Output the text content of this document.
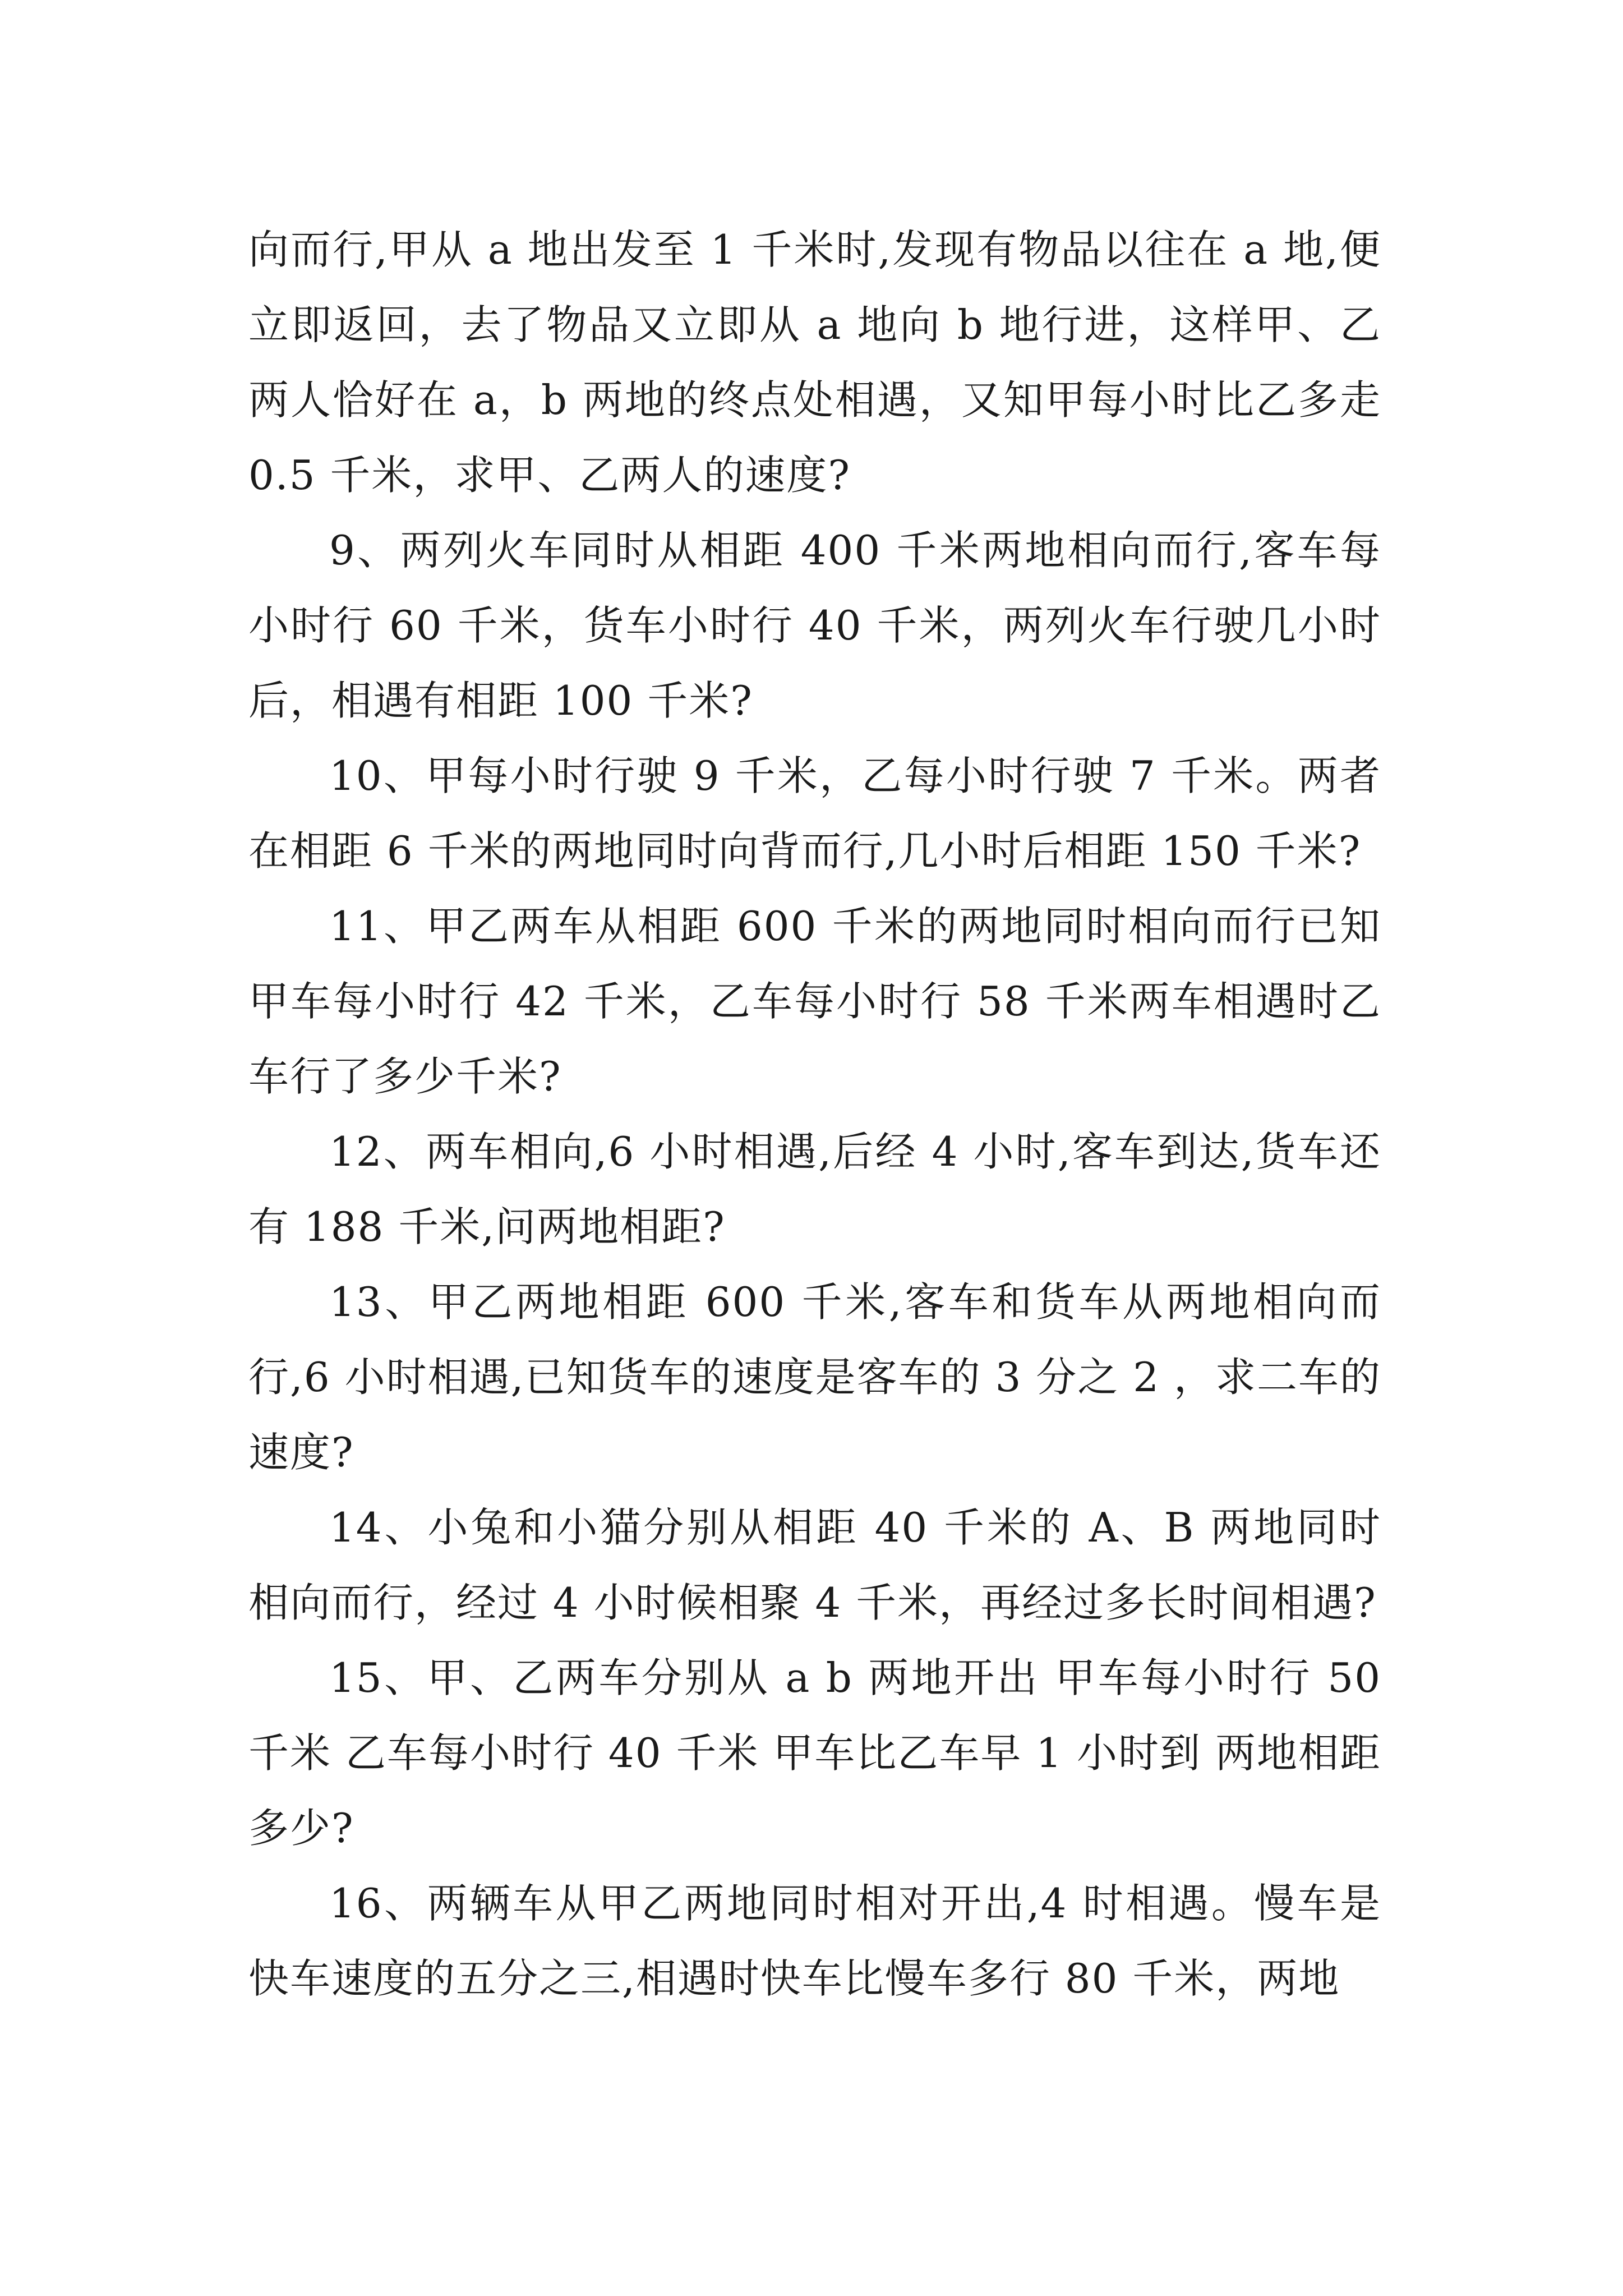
向而行,甲从 a 地出发至 1 千米时,发现有物品以往在 a 地,便立即返回，去了物品又立即从 a 地向 b 地行进，这样甲、乙两人恰好在 a，b 两地的终点处相遇，又知甲每小时比乙多走 0.5 千米，求甲、乙两人的速度?

9、两列火车同时从相距 400 千米两地相向而行,客车每小时行 60 千米，货车小时行 40 千米，两列火车行驶几小时后，相遇有相距 100 千米?

10、甲每小时行驶 9 千米，乙每小时行驶 7 千米。两者在相距 6 千米的两地同时向背而行,几小时后相距 150 千米?

11、甲乙两车从相距 600 千米的两地同时相向而行已知甲车每小时行 42 千米，乙车每小时行 58 千米两车相遇时乙车行了多少千米?

12、两车相向,6 小时相遇,后经 4 小时,客车到达,货车还有 188 千米,问两地相距?

13、甲乙两地相距 600 千米,客车和货车从两地相向而行,6 小时相遇,已知货车的速度是客车的 3 分之 2 ，求二车的速度?

14、小兔和小猫分别从相距 40 千米的 A、B 两地同时相向而行，经过 4 小时候相聚 4 千米，再经过多长时间相遇?

15、甲、乙两车分别从 a b 两地开出 甲车每小时行 50 千米 乙车每小时行 40 千米 甲车比乙车早 1 小时到 两地相距多少?

16、两辆车从甲乙两地同时相对开出,4 时相遇。慢车是快车速度的五分之三,相遇时快车比慢车多行 80 千米，两地
